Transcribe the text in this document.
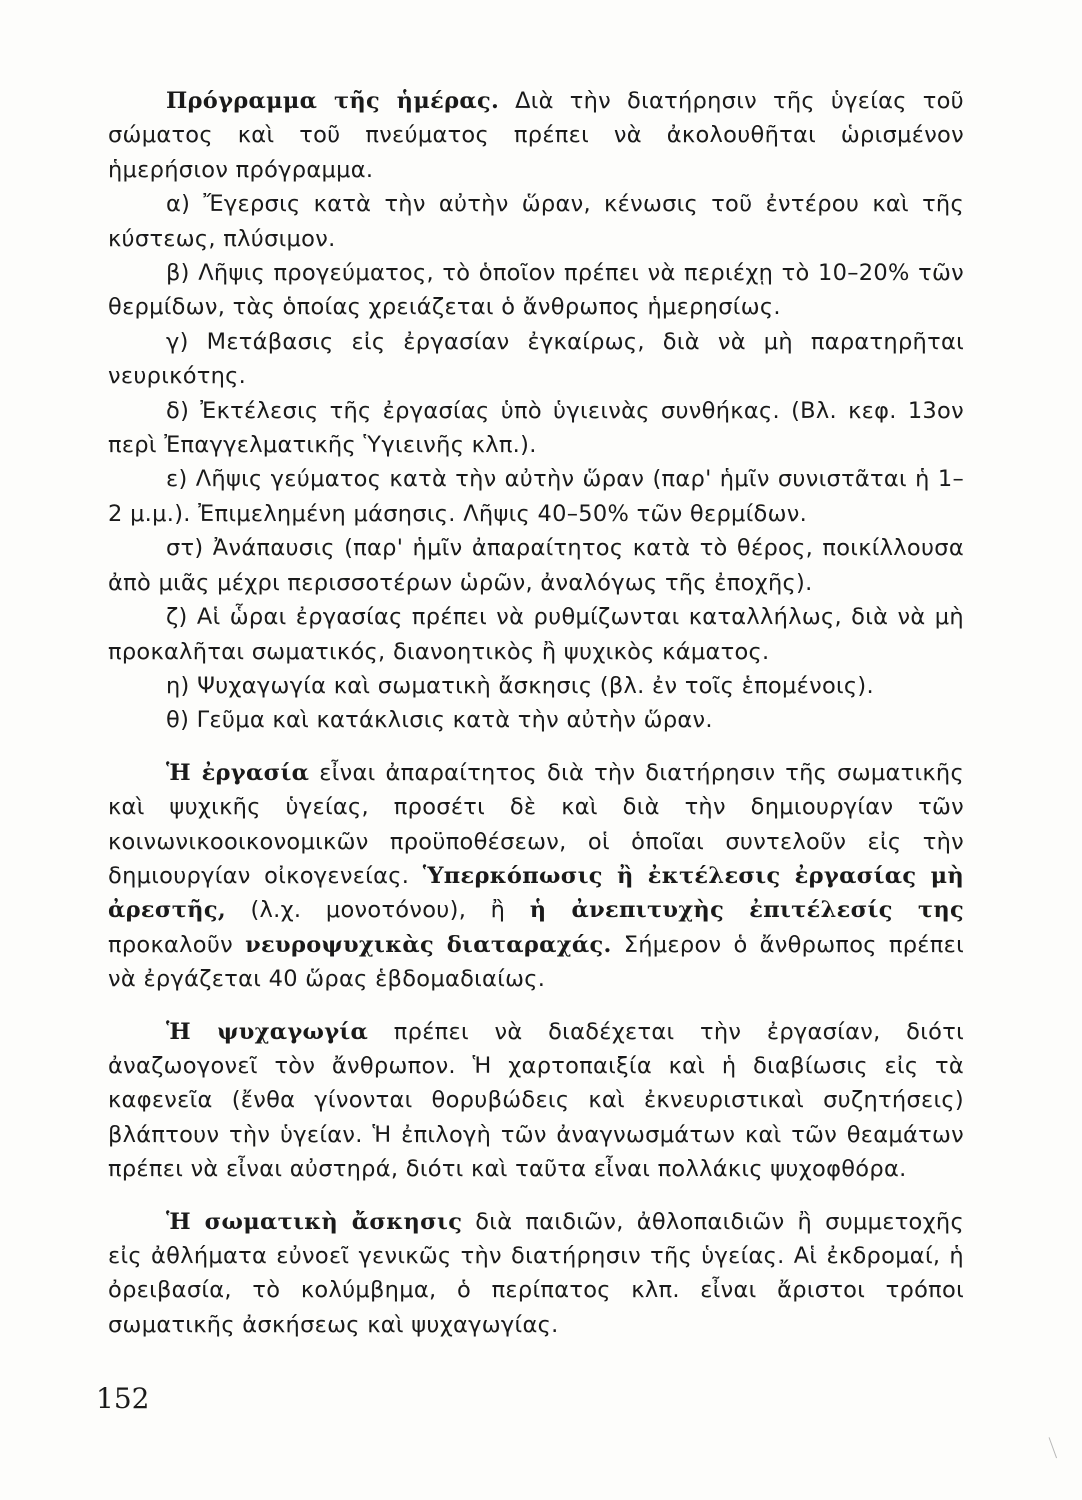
Πρόγραμμα τῆς ἡμέρας. Διὰ τὴν διατήρησιν τῆς ὑγείας τοῦ σώματος καὶ τοῦ πνεύματος πρέπει νὰ ἀκολουθῆται ὡρισμένον ἡμερήσιον πρόγραμμα.

α) Ἔγερσις κατὰ τὴν αὐτὴν ὥραν, κένωσις τοῦ ἐντέρου καὶ τῆς κύστεως, πλύσιμον.

β) Λῆψις προγεύματος, τὸ ὁποῖον πρέπει νὰ περιέχῃ τὸ 10–20% τῶν θερμίδων, τὰς ὁποίας χρειάζεται ὁ ἄνθρωπος ἡμερησίως.

γ) Μετάβασις εἰς ἐργασίαν ἐγκαίρως, διὰ νὰ μὴ παρατηρῆται νευρικότης.

δ) Ἐκτέλεσις τῆς ἐργασίας ὑπὸ ὑγιεινὰς συνθήκας. (Βλ. κεφ. 13ον περὶ Ἐπαγγελματικῆς Ὑγιεινῆς κλπ.).

ε) Λῆψις γεύματος κατὰ τὴν αὐτὴν ὥραν (παρ' ἡμῖν συνιστᾶται ἡ 1–2 μ.μ.). Ἐπιμελημένη μάσησις. Λῆψις 40–50% τῶν θερμίδων.

στ) Ἀνάπαυσις (παρ' ἡμῖν ἀπαραίτητος κατὰ τὸ θέρος, ποικίλλουσα ἀπὸ μιᾶς μέχρι περισσοτέρων ὡρῶν, ἀναλόγως τῆς ἐποχῆς).

ζ) Αἱ ὧραι ἐργασίας πρέπει νὰ ρυθμίζωνται καταλλήλως, διὰ νὰ μὴ προκαλῆται σωματικός, διανοητικὸς ἢ ψυχικὸς κάματος.

η) Ψυχαγωγία καὶ σωματικὴ ἄσκησις (βλ. ἐν τοῖς ἑπομένοις).

θ) Γεῦμα καὶ κατάκλισις κατὰ τὴν αὐτὴν ὥραν.

Ἡ ἐργασία εἶναι ἀπαραίτητος διὰ τὴν διατήρησιν τῆς σωματικῆς καὶ ψυχικῆς ὑγείας, προσέτι δὲ καὶ διὰ τὴν δημιουργίαν τῶν κοινωνικοοικονομικῶν προϋποθέσεων, οἱ ὁποῖαι συντελοῦν εἰς τὴν δημιουργίαν οἰκογενείας. Ὑπερκόπωσις ἢ ἐκτέλεσις ἐργασίας μὴ ἀρεστῆς, (λ.χ. μονοτόνου), ἢ ἡ ἀνεπιτυχὴς ἐπιτέλεσίς της προκαλοῦν νευροψυχικὰς διαταραχάς. Σήμερον ὁ ἄνθρωπος πρέπει νὰ ἐργάζεται 40 ὥρας ἑβδομαδιαίως.

Ἡ ψυχαγωγία πρέπει νὰ διαδέχεται τὴν ἐργασίαν, διότι ἀναζωογονεῖ τὸν ἄνθρωπον. Ἡ χαρτοπαιξία καὶ ἡ διαβίωσις εἰς τὰ καφενεῖα (ἔνθα γίνονται θορυβώδεις καὶ ἐκνευριστικαὶ συζητήσεις) βλάπτουν τὴν ὑγείαν. Ἡ ἐπιλογὴ τῶν ἀναγνωσμάτων καὶ τῶν θεαμάτων πρέπει νὰ εἶναι αὐστηρά, διότι καὶ ταῦτα εἶναι πολλάκις ψυχοφθόρα.

Ἡ σωματικὴ ἄσκησις διὰ παιδιῶν, ἀθλοπαιδιῶν ἢ συμμετοχῆς εἰς ἀθλήματα εὐνοεῖ γενικῶς τὴν διατήρησιν τῆς ὑγείας. Αἱ ἐκδρομαί, ἡ ὀρειβασία, τὸ κολύμβημα, ὁ περίπατος κλπ. εἶναι ἄριστοι τρόποι σωματικῆς ἀσκήσεως καὶ ψυχαγωγίας.

152
